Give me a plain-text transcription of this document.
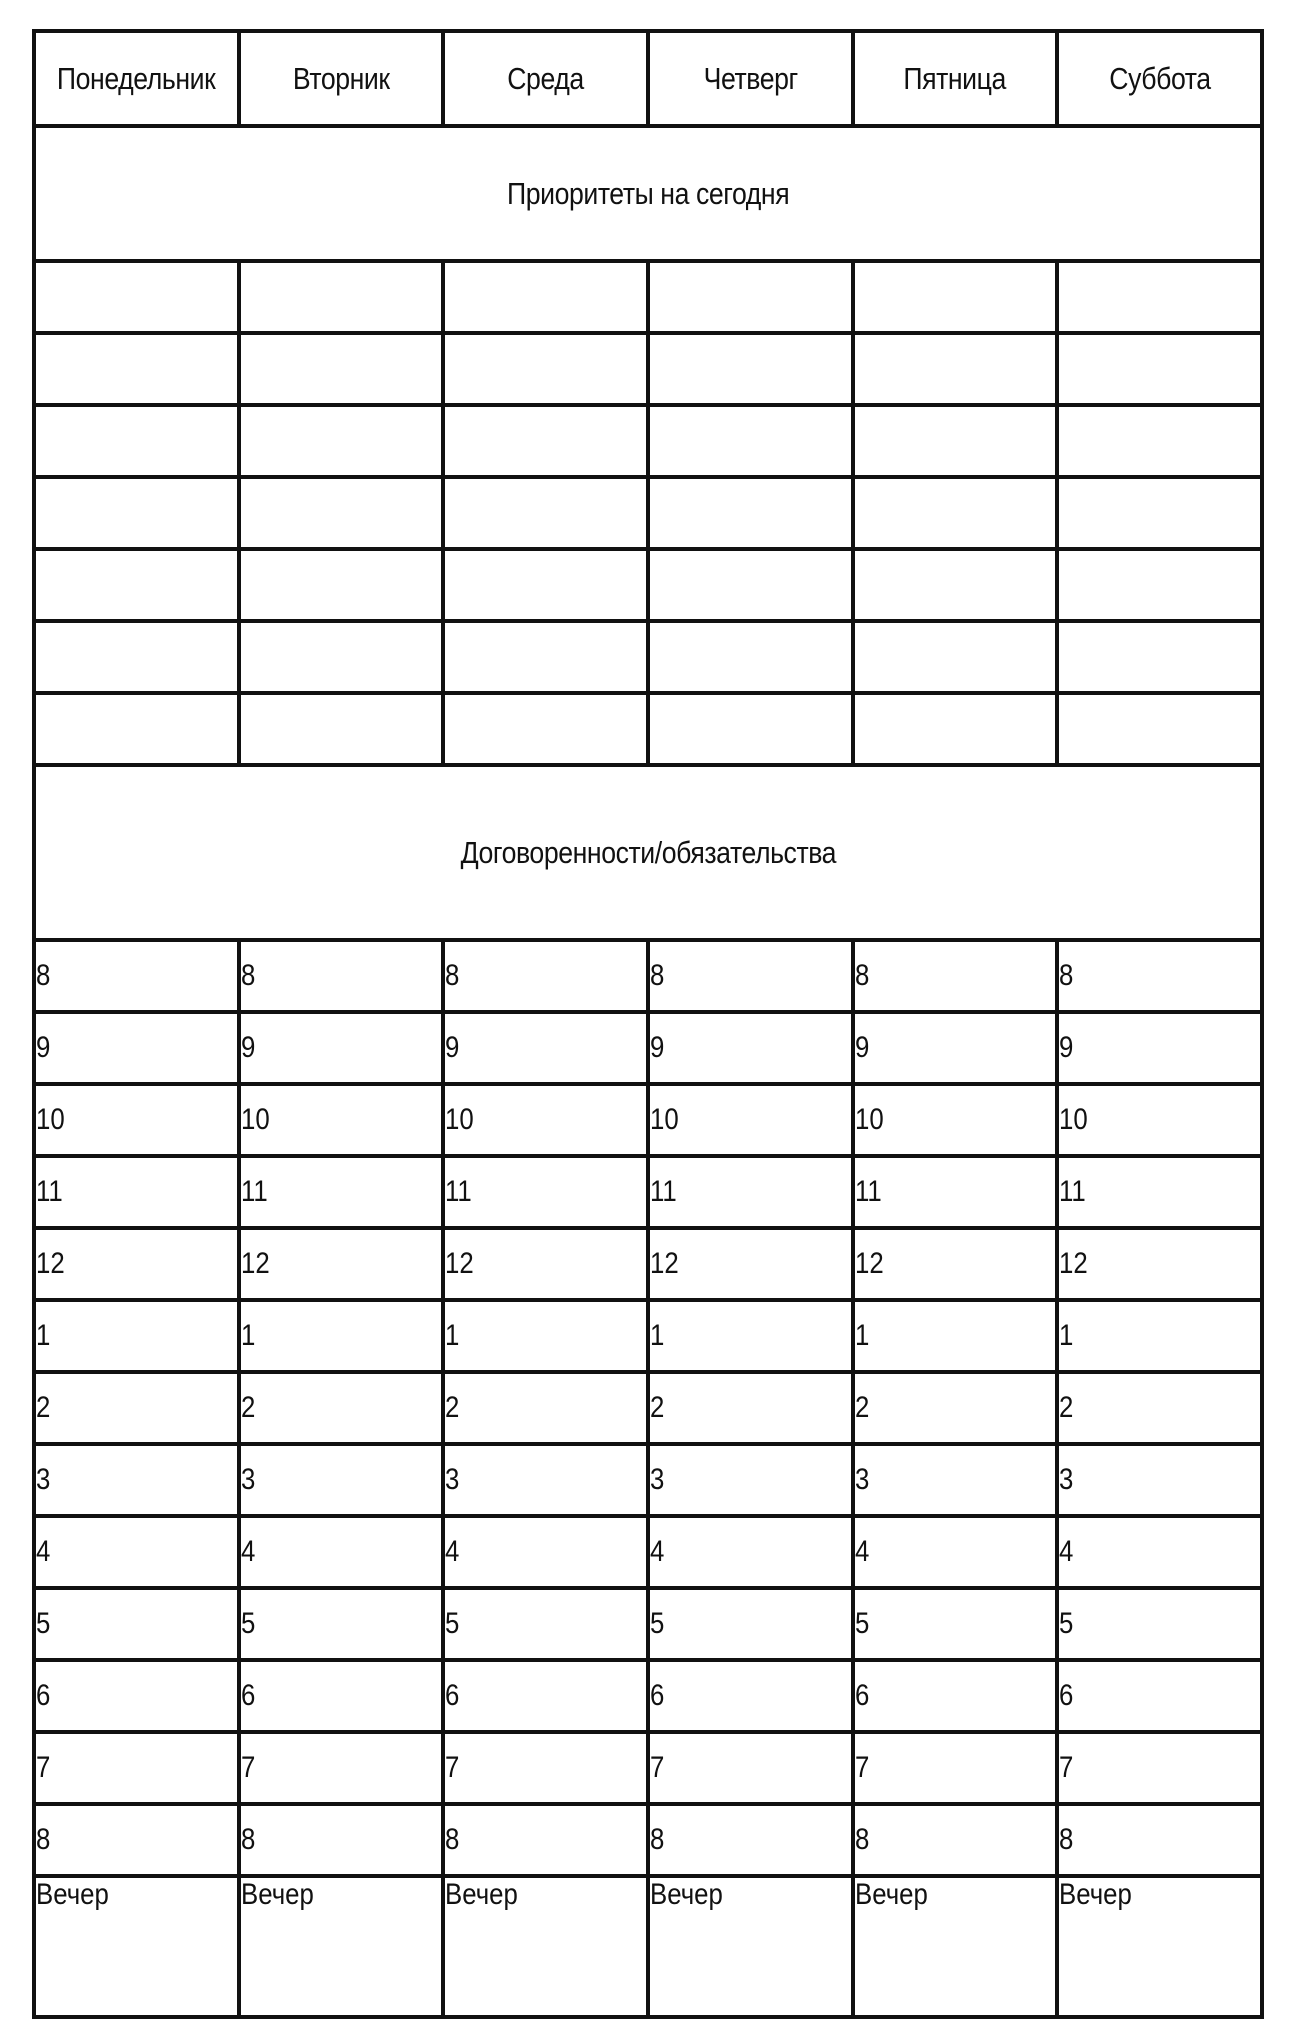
Понедельник	Вторник	Среда	Четверг	Пятница	Суббота
Приоритеты на сегодня					

Договоренности/обязательства					
8	8	8	8	8	8
9	9	9	9	9	9
10	10	10	10	10	10
11	11	11	11	11	11
12	12	12	12	12	12
1	1	1	1	1	1
2	2	2	2	2	2
3	3	3	3	3	3
4	4	4	4	4	4
5	5	5	5	5	5
6	6	6	6	6	6
7	7	7	7	7	7
8	8	8	8	8	8
Вечер	Вечер	Вечер	Вечер	Вечер	Вечер
